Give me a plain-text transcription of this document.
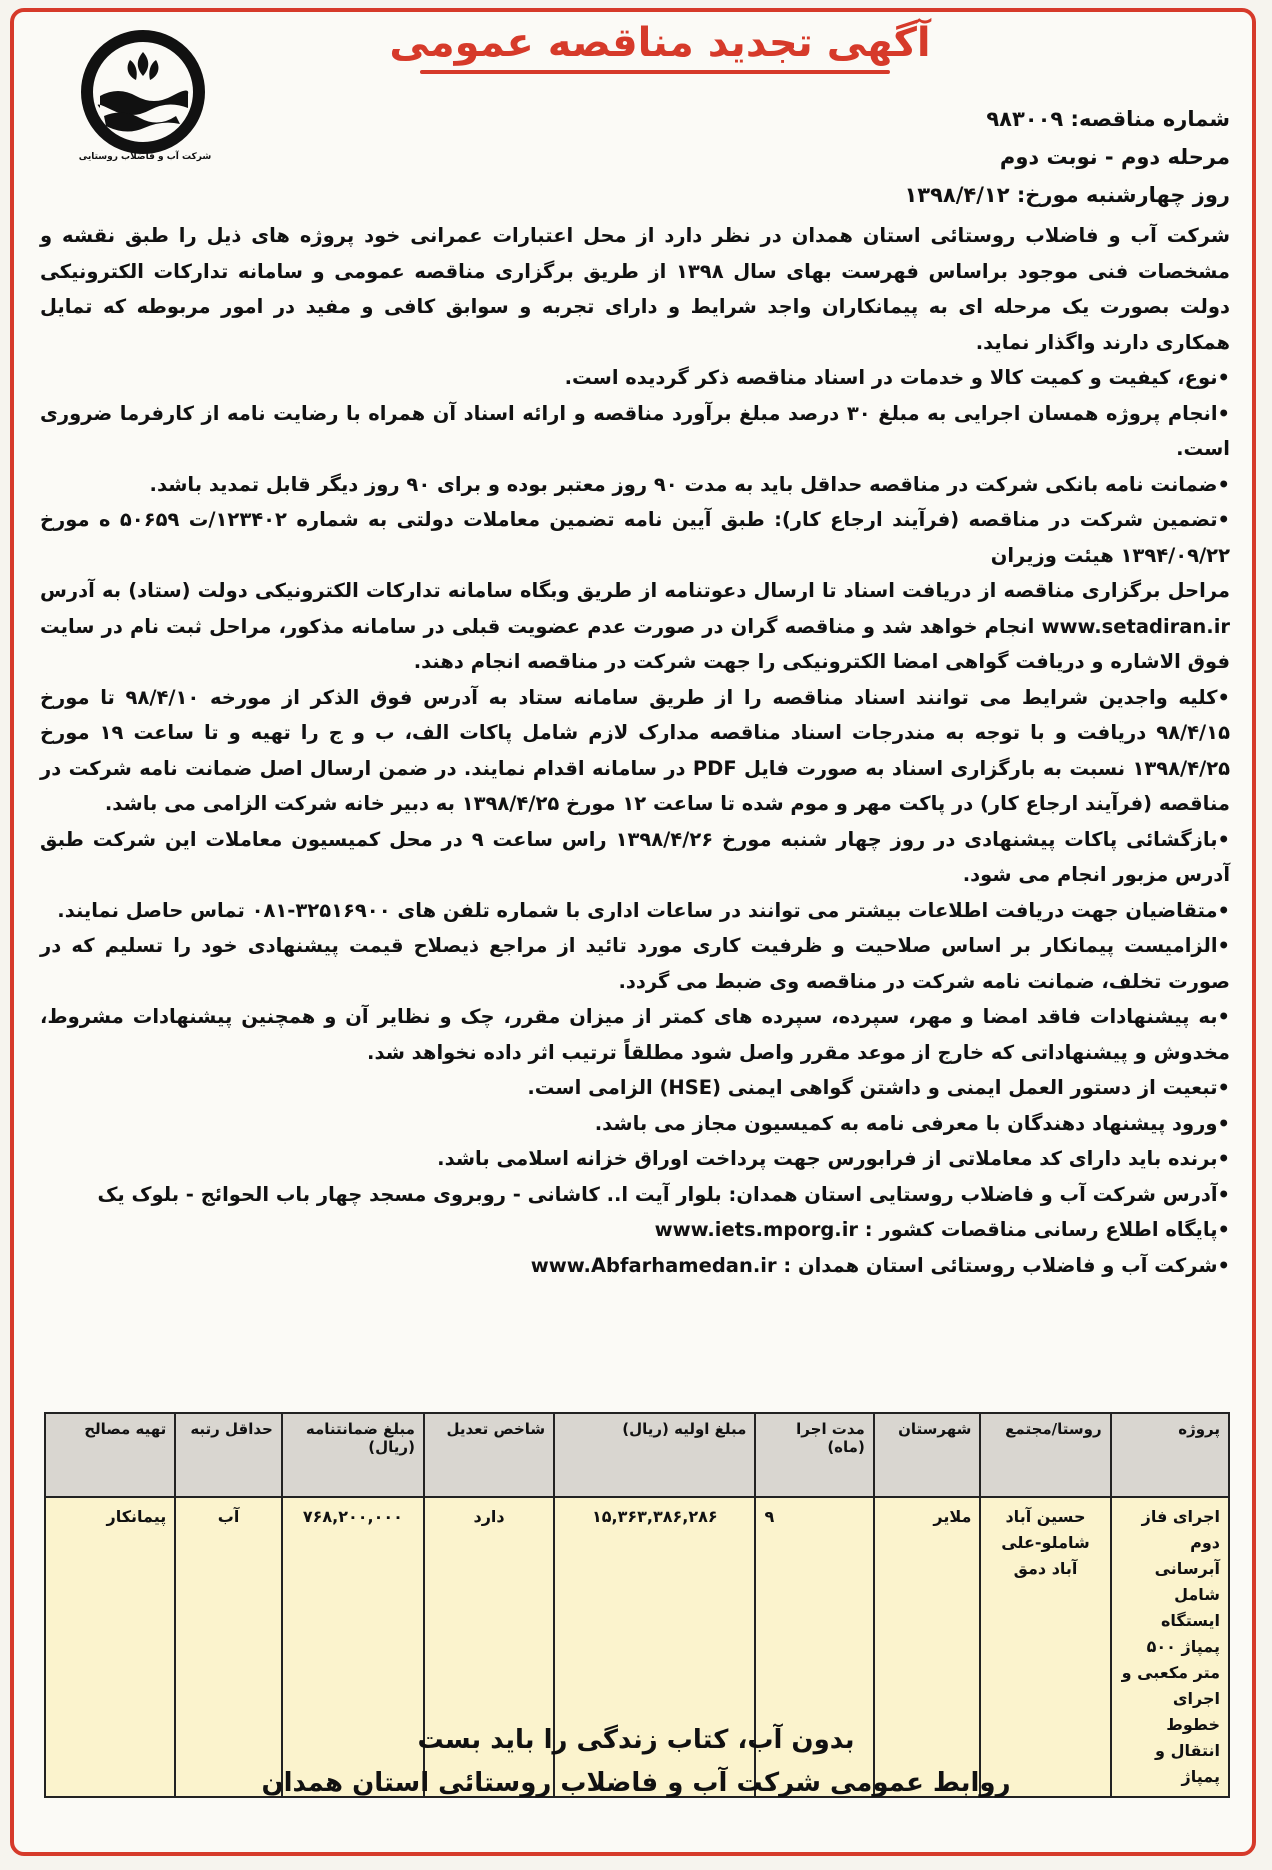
شرکت آب و فاضلاب روستایی
آگهی تجدید مناقصه عمومی
شماره مناقصه: ۹۸۳۰۰۹
مرحله دوم - نوبت دوم
روز چهارشنبه مورخ: ۱۳۹۸/۴/۱۲

شرکت آب و فاضلاب روستائی استان همدان در نظر دارد از محل اعتبارات عمرانی خود پروژه های ذیل را طبق نقشه و مشخصات فنی موجود براساس فهرست بهای سال ۱۳۹۸ از طریق برگزاری مناقصه عمومی و سامانه تدارکات الکترونیکی دولت بصورت یک مرحله ای به پیمانکاران واجد شرایط و دارای تجربه و سوابق کافی و مفید در امور مربوطه که تمایل همکاری دارند واگذار نماید.

•نوع، کیفیت و کمیت کالا و خدمات در اسناد مناقصه ذکر گردیده است.

•انجام پروژه همسان اجرایی به مبلغ ۳۰ درصد مبلغ برآورد مناقصه و ارائه اسناد آن همراه با رضایت نامه از کارفرما ضروری است.

•ضمانت نامه بانکی شرکت در مناقصه حداقل باید به مدت ۹۰ روز معتبر بوده و برای ۹۰ روز دیگر قابل تمدید باشد.

•تضمین شرکت در مناقصه (فرآیند ارجاع کار): طبق آیین نامه تضمین معاملات دولتی به شماره ۱۲۳۴۰۲/ت ۵۰۶۵۹ ه مورخ ۱۳۹۴/۰۹/۲۲ هیئت وزیران

مراحل برگزاری مناقصه از دریافت اسناد تا ارسال دعوتنامه از طریق وبگاه سامانه تدارکات الکترونیکی دولت (ستاد) به آدرس www.setadiran.ir انجام خواهد شد و مناقصه گران در صورت عدم عضویت قبلی در سامانه مذکور، مراحل ثبت نام در سایت فوق الاشاره و دریافت گواهی امضا الکترونیکی را جهت شرکت در مناقصه انجام دهند.

•کلیه واجدین شرایط می توانند اسناد مناقصه را از طریق سامانه ستاد به آدرس فوق الذکر از مورخه ۹۸/۴/۱۰ تا مورخ ۹۸/۴/۱۵ دریافت و با توجه به مندرجات اسناد مناقصه مدارک لازم شامل پاکات الف، ب و ج را تهیه و تا ساعت ۱۹ مورخ ۱۳۹۸/۴/۲۵ نسبت به بارگزاری اسناد به صورت فایل PDF در سامانه اقدام نمایند. در ضمن ارسال اصل ضمانت نامه شرکت در مناقصه (فرآیند ارجاع کار) در پاکت مهر و موم شده تا ساعت ۱۲ مورخ ۱۳۹۸/۴/۲۵ به دبیر خانه شرکت الزامی می باشد.

•بازگشائی پاکات پیشنهادی در روز چهار شنبه مورخ ۱۳۹۸/۴/۲۶ راس ساعت ۹ در محل کمیسیون معاملات این شرکت طبق آدرس مزبور انجام می شود.

•متقاضیان جهت دریافت اطلاعات بیشتر می توانند در ساعات اداری با شماره تلفن های ۳۲۵۱۶۹۰۰-۰۸۱ تماس حاصل نمایند.

•الزامیست پیمانکار بر اساس صلاحیت و ظرفیت کاری مورد تائید از مراجع ذیصلاح قیمت پیشنهادی خود را تسلیم که در صورت تخلف، ضمانت نامه شرکت در مناقصه وی ضبط می گردد.

•به پیشنهادات فاقد امضا و مهر، سپرده، سپرده های کمتر از میزان مقرر، چک و نظایر آن و همچنین پیشنهادات مشروط، مخدوش و پیشنهاداتی که خارج از موعد مقرر واصل شود مطلقاً ترتیب اثر داده نخواهد شد.

•تبعیت از دستور العمل ایمنی و داشتن گواهی ایمنی (HSE) الزامی است.

•ورود پیشنهاد دهندگان با معرفی نامه به کمیسیون مجاز می باشد.

•برنده باید دارای کد معاملاتی از فرابورس جهت پرداخت اوراق خزانه اسلامی باشد.

•آدرس شرکت آب و فاضلاب روستایی استان همدان: بلوار آیت ا.. کاشانی - روبروی مسجد چهار باب الحوائج - بلوک یک

•پایگاه اطلاع رسانی مناقصات کشور : www.iets.mporg.ir

•شرکت آب و فاضلاب روستائی استان همدان : www.Abfarhamedan.ir

پروژه	روستا/مجتمع	شهرستان	مدت اجرا (ماه)	مبلغ اولیه (ریال)	شاخص تعدیل	مبلغ ضمانتنامه (ریال)	حداقل رتبه	تهیه مصالح
اجرای فاز دوم آبرسانی شامل ایستگاه پمپاژ ۵۰۰ متر مکعبی و اجرای خطوط انتقال و پمپاژ	حسین آباد شاملو-علی آباد دمق	ملایر	۹	۱۵,۳۶۳,۳۸۶,۲۸۶	دارد	۷۶۸,۲۰۰,۰۰۰	آب	پیمانکار
بدون آب، کتاب زندگی را باید بست
روابط عمومی شرکت آب و فاضلاب روستائی استان همدان
